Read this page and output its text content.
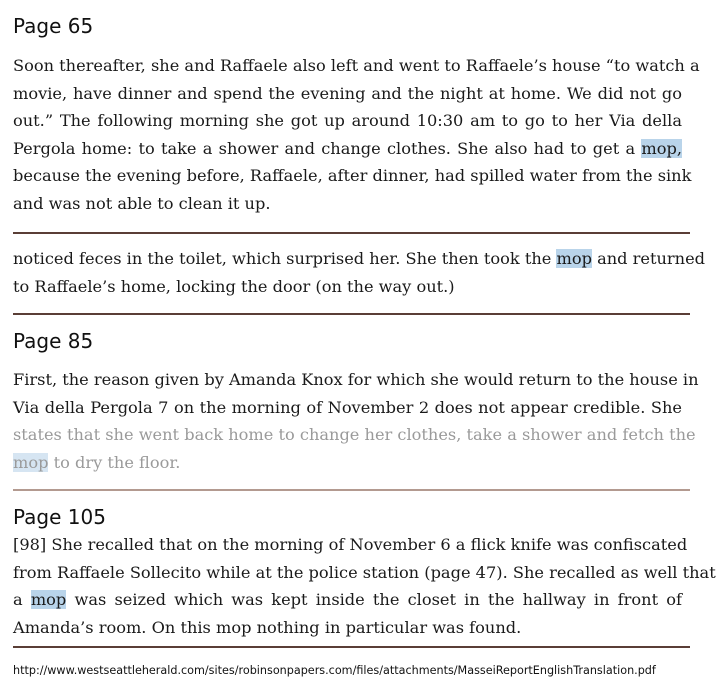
Page 65
Soon thereafter, she and Raffaele also left and went to Raffaele’s house “to watch a
movie, have dinner and spend the evening and the night at home. We did not go
out.” The following morning she got up around 10:30 am to go to her Via della
Pergola home: to take a shower and change clothes. She also had to get a mop,
because the evening before, Raffaele, after dinner, had spilled water from the sink
and was not able to clean it up.
noticed feces in the toilet, which surprised her. She then took the mop and returned
to Raffaele’s home, locking the door (on the way out.)
Page 85
First, the reason given by Amanda Knox for which she would return to the house in
Via della Pergola 7 on the morning of November 2 does not appear credible. She
states that she went back home to change her clothes, take a shower and fetch the
mop to dry the floor.
Page 105
[98] She recalled that on the morning of November 6 a flick knife was confiscated
from Raffaele Sollecito while at the police station (page 47). She recalled as well that
a mop was seized which was kept inside the closet in the hallway in front of
Amanda’s room. On this mop nothing in particular was found.
http://www.westseattleherald.com/sites/robinsonpapers.com/files/attachments/MasseiReportEnglishTranslation.pdf
